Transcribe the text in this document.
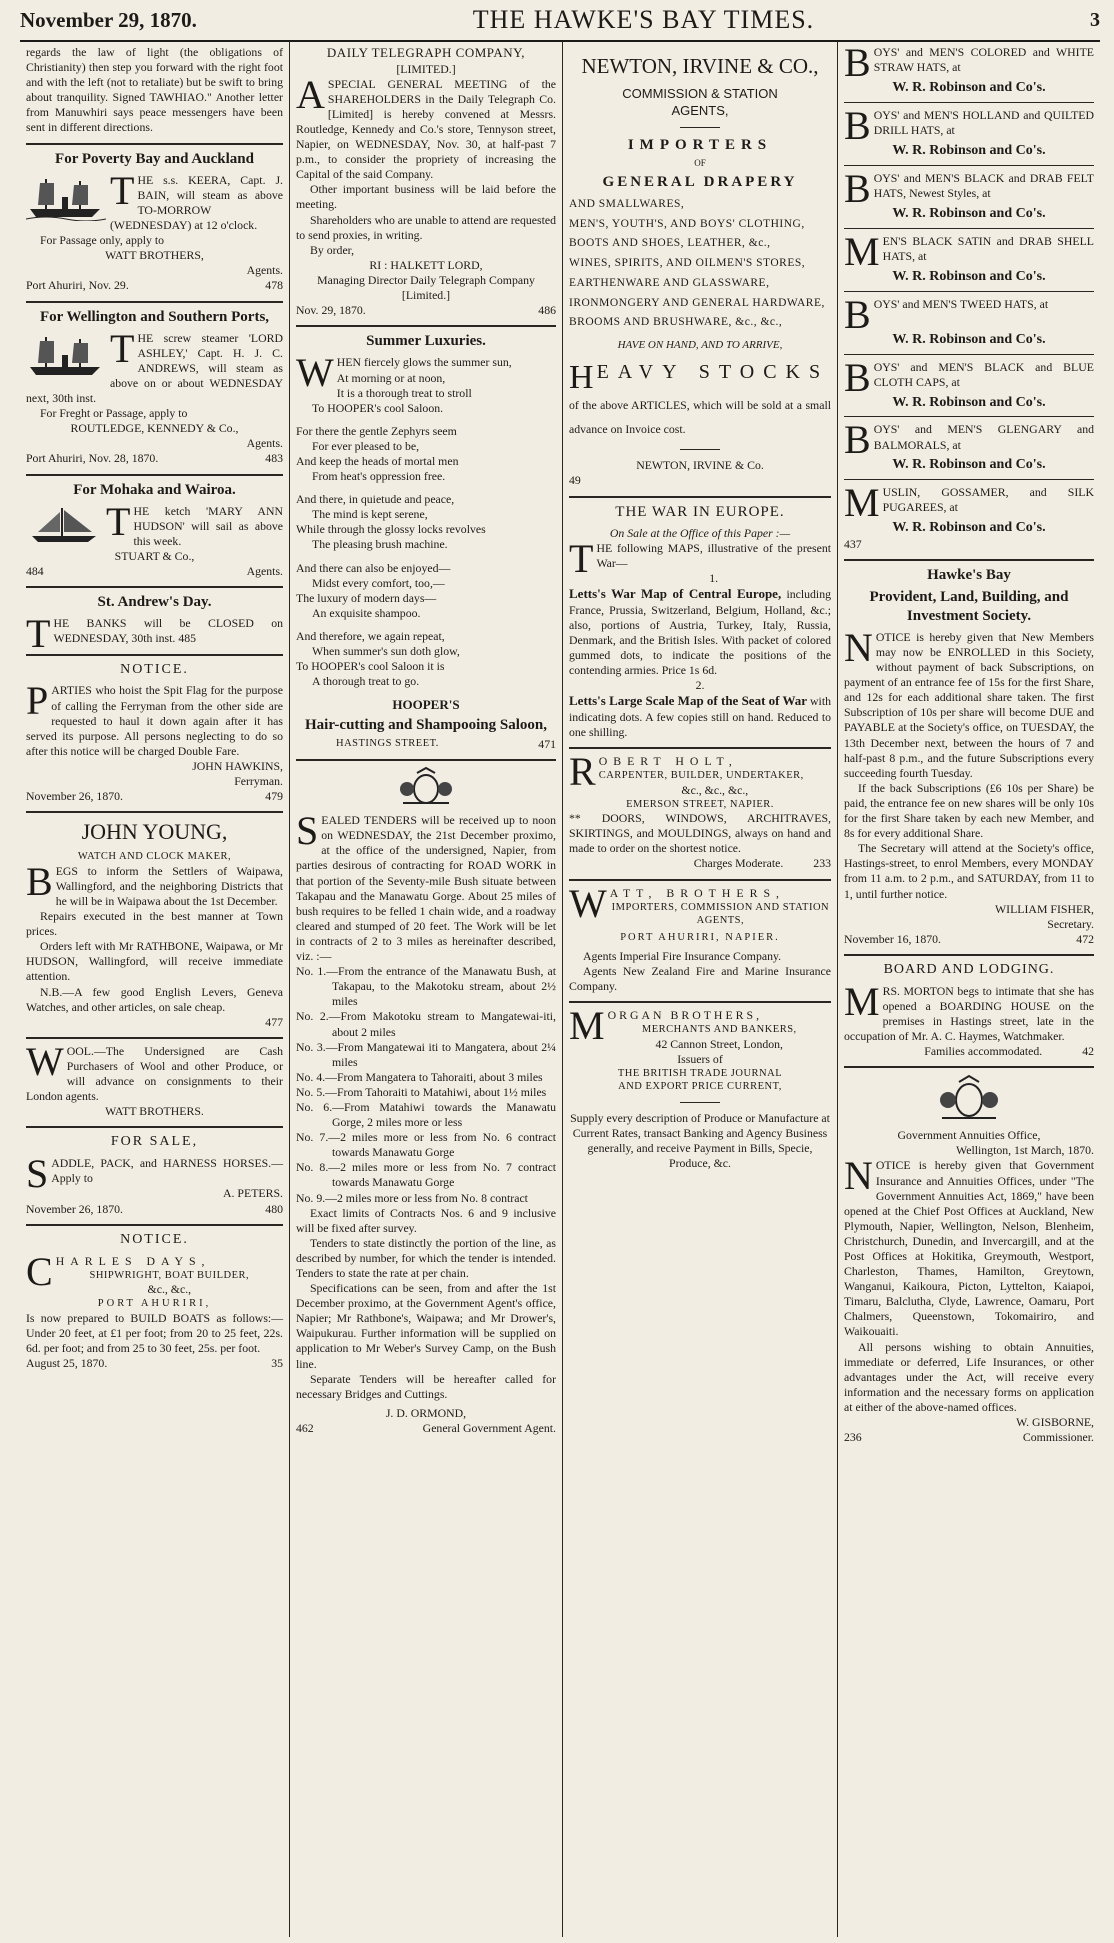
November 29, 1870.	THE HAWKE'S BAY TIMES.	3

regards the law of light (the obligations of Christianity) then step you forward with the right foot and with the left (not to retaliate) but be swift to bring about tranquility. Signed TAWHIAO." Another letter from Manuwhiri says peace messengers have been sent in different directions.

For Poverty Bay and Auckland

THE s.s. KEERA, Capt. J. BAIN, will steam as above TO-MORROW (WEDNESDAY) at 12 o'clock.

For Passage only, apply to

WATT BROTHERS,

Agents.

Port Ahuriri, Nov. 29.	478

For Wellington and Southern Ports,

THE screw steamer 'LORD ASHLEY,' Capt. H. J. C. ANDREWS, will steam as above on or about WEDNESDAY next, 30th inst.

For Freght or Passage, apply to

ROUTLEDGE, KENNEDY & Co.,

Agents.

Port Ahuriri, Nov. 28, 1870.	483

For Mohaka and Wairoa.

THE ketch 'MARY ANN HUDSON' will sail as above this week.

STUART & Co.,

484	Agents.

St. Andrew's Day.

THE BANKS will be CLOSED on WEDNESDAY, 30th inst. 485

NOTICE.

PARTIES who hoist the Spit Flag for the purpose of calling the Ferryman from the other side are requested to haul it down again after it has served its purpose. All persons neglecting to do so after this notice will be charged Double Fare.

JOHN HAWKINS,

Ferryman.

November 26, 1870.	479

JOHN YOUNG,

WATCH AND CLOCK MAKER,

BEGS to inform the Settlers of Waipawa, Wallingford, and the neighboring Districts that he will be in Waipawa about the 1st December.

Repairs executed in the best manner at Town prices.

Orders left with Mr RATHBONE, Waipawa, or Mr HUDSON, Wallingford, will receive immediate attention.

N.B.—A few good English Levers, Geneva Watches, and other articles, on sale cheap.

477

WOOL.—The Undersigned are Cash Purchasers of Wool and other Produce, or will advance on consignments to their London agents.

WATT BROTHERS.

FOR SALE,

SADDLE, PACK, and HARNESS HORSES.—Apply to

A. PETERS.

November 26, 1870.	480

NOTICE.

CHARLES DAYS,

SHIPWRIGHT, BOAT BUILDER,

&c., &c.,

PORT AHURIRI,

Is now prepared to BUILD BOATS as follows:—Under 20 feet, at £1 per foot; from 20 to 25 feet, 22s. 6d. per foot; and from 25 to 30 feet, 25s. per foot.

August 25, 1870.	35

DAILY TELEGRAPH COMPANY,

[LIMITED.]

ASPECIAL GENERAL MEETING of the SHAREHOLDERS in the Daily Telegraph Co. [Limited] is hereby convened at Messrs. Routledge, Kennedy and Co.'s store, Tennyson street, Napier, on WEDNESDAY, Nov. 30, at half-past 7 p.m., to consider the propriety of increasing the Capital of the said Company.

Other important business will be laid before the meeting.

Shareholders who are unable to attend are requested to send proxies, in writing.

By order,

RI : HALKETT LORD,

Managing Director Daily Telegraph Company [Limited.]

Nov. 29, 1870.	486

Summer Luxuries.

WHEN fiercely glows the summer sun,

At morning or at noon,

It is a thorough treat to stroll

To HOOPER's cool Saloon.

For there the gentle Zephyrs seem

For ever pleased to be,

And keep the heads of mortal men

From heat's oppression free.

And there, in quietude and peace,

The mind is kept serene,

While through the glossy locks revolves

The pleasing brush machine.

And there can also be enjoyed—

Midst every comfort, too,—

The luxury of modern days—

An exquisite shampoo.

And therefore, we again repeat,

When summer's sun doth glow,

To HOOPER's cool Saloon it is

A thorough treat to go.

HOOPER'S
Hair-cutting and Shampooing Saloon,

HASTINGS STREET.	471

SEALED TENDERS will be received up to noon on WEDNESDAY, the 21st December proximo, at the office of the undersigned, Napier, from parties desirous of contracting for ROAD WORK in that portion of the Seventy-mile Bush situate between Takapau and the Manawatu Gorge. About 25 miles of bush requires to be felled 1 chain wide, and a roadway cleared and stumped of 20 feet. The Work will be let in contracts of 2 to 3 miles as hereinafter described, viz. :—

No. 1.—From the entrance of the Manawatu Bush, at Takapau, to the Makotoku stream, about 2½ miles

No. 2.—From Makotoku stream to Mangatewai-iti, about 2 miles

No. 3.—From Mangatewai iti to Mangatera, about 2¼ miles

No. 4.—From Mangatera to Tahoraiti, about 3 miles

No. 5.—From Tahoraiti to Matahiwi, about 1½ miles

No. 6.—From Matahiwi towards the Manawatu Gorge, 2 miles more or less

No. 7.—2 miles more or less from No. 6 contract towards Manawatu Gorge

No. 8.—2 miles more or less from No. 7 contract towards Manawatu Gorge

No. 9.—2 miles more or less from No. 8 contract

Exact limits of Contracts Nos. 6 and 9 inclusive will be fixed after survey.

Tenders to state distinctly the portion of the line, as described by number, for which the tender is intended. Tenders to state the rate at per chain.

Specifications can be seen, from and after the 1st December proximo, at the Government Agent's office, Napier; Mr Rathbone's, Waipawa; and Mr Drower's, Waipukurau. Further information will be supplied on application to Mr Weber's Survey Camp, on the Bush line.

Separate Tenders will be hereafter called for necessary Bridges and Cuttings.

J. D. ORMOND,

462	General Government Agent.

NEWTON, IRVINE & CO.,

COMMISSION & STATION

AGENTS,

IMPORTERS

OF

GENERAL DRAPERY

AND SMALLWARES,

MEN'S, YOUTH'S, AND BOYS' CLOTHING,

BOOTS AND SHOES, LEATHER, &c.,

WINES, SPIRITS, AND OILMEN'S STORES,

EARTHENWARE AND GLASSWARE,

IRONMONGERY AND GENERAL HARDWARE,

BROOMS AND BRUSHWARE, &c., &c.,

HAVE ON HAND, AND TO ARRIVE,

HEAVY STOCKS

of the above ARTICLES, which will be sold at a small advance on Invoice cost.

NEWTON, IRVINE & Co.

49

THE WAR IN EUROPE.

On Sale at the Office of this Paper :—

THE following MAPS, illustrative of the present War—

1.

Letts's War Map of Central Europe, including France, Prussia, Switzerland, Belgium, Holland, &c.; also, portions of Austria, Turkey, Italy, Russia, Denmark, and the British Isles. With packet of colored gummed dots, to indicate the positions of the contending armies. Price 1s 6d.

2.

Letts's Large Scale Map of the Seat of War with indicating dots. A few copies still on hand. Reduced to one shilling.

ROBERT HOLT,

CARPENTER, BUILDER, UNDERTAKER,

&c., &c., &c.,

EMERSON STREET, NAPIER.

** DOORS, WINDOWS, ARCHITRAVES, SKIRTINGS, and MOULDINGS, always on hand and made to order on the shortest notice.

Charges Moderate.	233

WATT, BROTHERS,

IMPORTERS, COMMISSION AND STATION AGENTS,

PORT AHURIRI, NAPIER.

Agents Imperial Fire Insurance Company.

Agents New Zealand Fire and Marine Insurance Company.

MORGAN BROTHERS,

MERCHANTS AND BANKERS,

42 Cannon Street, London,

Issuers of

THE BRITISH TRADE JOURNAL

AND EXPORT PRICE CURRENT,

Supply every description of Produce or Manufacture at Current Rates, transact Banking and Agency Business generally, and receive Payment in Bills, Specie, Produce, &c.

BOYS' and MEN'S COLORED and WHITE STRAW HATS, at

W. R. Robinson and Co's.

BOYS' and MEN'S HOLLAND and QUILTED DRILL HATS, at

W. R. Robinson and Co's.

BOYS' and MEN'S BLACK and DRAB FELT HATS, Newest Styles, at

W. R. Robinson and Co's.

MEN'S BLACK SATIN and DRAB SHELL HATS, at

W. R. Robinson and Co's.

BOYS' and MEN'S TWEED HATS, at

W. R. Robinson and Co's.

BOYS' and MEN'S BLACK and BLUE CLOTH CAPS, at

W. R. Robinson and Co's.

BOYS' and MEN'S GLENGARY and BALMORALS, at

W. R. Robinson and Co's.

MUSLIN, GOSSAMER, and SILK PUGAREES, at

W. R. Robinson and Co's.

437

Hawke's Bay
Provident, Land, Building, and Investment Society.

NOTICE is hereby given that New Members may now be ENROLLED in this Society, without payment of back Subscriptions, on payment of an entrance fee of 15s for the first Share, and 12s for each additional share taken. The first Subscription of 10s per share will become DUE and PAYABLE at the Society's office, on TUESDAY, the 13th December next, between the hours of 7 and half-past 8 p.m., and the future Subscriptions every succeeding fourth Tuesday.

If the back Subscriptions (£6 10s per Share) be paid, the entrance fee on new shares will be only 10s for the first Share taken by each new Member, and 8s for every additional Share.

The Secretary will attend at the Society's office, Hastings-street, to enrol Members, every MONDAY from 11 a.m. to 2 p.m., and SATURDAY, from 11 to 1, until further notice.

WILLIAM FISHER,

Secretary.

November 16, 1870.	472

BOARD AND LODGING.

MRS. MORTON begs to intimate that she has opened a BOARDING HOUSE on the premises in Hastings street, late in the occupation of Mr. A. C. Haymes, Watchmaker.

Families accommodated.	42

Government Annuities Office,

Wellington, 1st March, 1870.

NOTICE is hereby given that Government Insurance and Annuities Offices, under "The Government Annuities Act, 1869," have been opened at the Chief Post Offices at Auckland, New Plymouth, Napier, Wellington, Nelson, Blenheim, Christchurch, Dunedin, and Invercargill, and at the Post Offices at Hokitika, Greymouth, Westport, Charleston, Thames, Hamilton, Greytown, Wanganui, Kaikoura, Picton, Lyttelton, Kaiapoi, Timaru, Balclutha, Clyde, Lawrence, Oamaru, Port Chalmers, Queenstown, Tokomairiro, and Waikouaiti.

All persons wishing to obtain Annuities, immediate or deferred, Life Insurances, or other advantages under the Act, will receive every information and the necessary forms on application at either of the above-named offices.

W. GISBORNE,

236	Commissioner.
